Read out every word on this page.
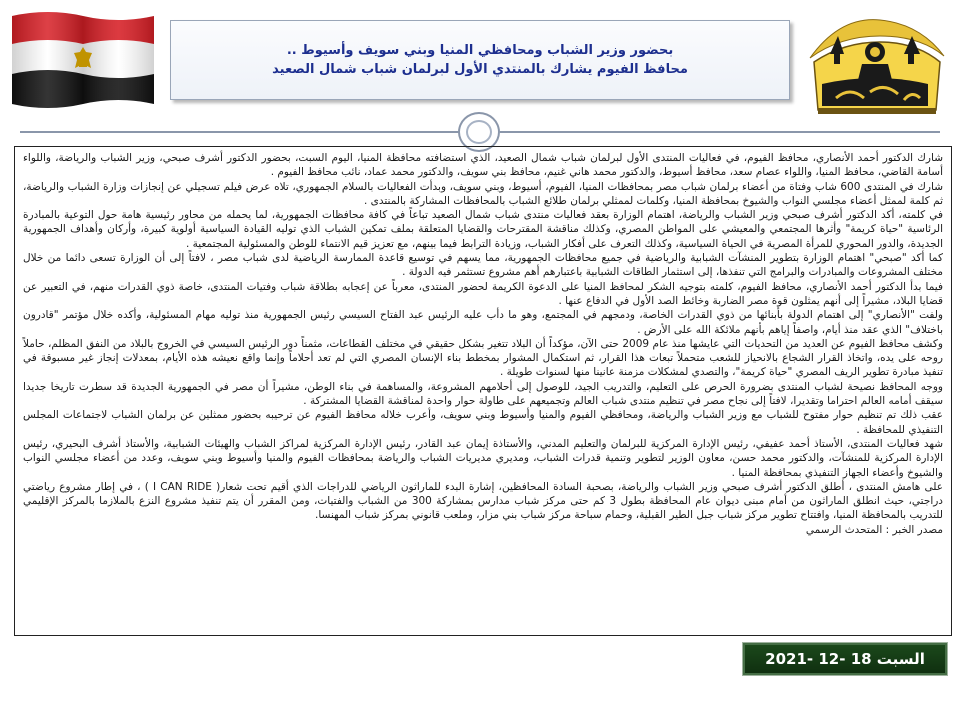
بحضور وزير الشباب ومحافظي المنيا وبني سويف وأسيوط ..
محافظ الفيوم يشارك بالمنتدي الأول لبرلمان شباب شمال الصعيد

شارك الدكتور أحمد الأنصاري، محافظ الفيوم، في فعاليات المنتدى الأول لبرلمان شباب شمال الصعيد، الذي استضافته محافظة المنيا، اليوم السبت، بحضور الدكتور أشرف صبحي، وزير الشباب والرياضة، واللواء أسامة القاضي، محافظ المنيا، واللواء عصام سعد، محافظ أسيوط، والدكتور محمد هاني غنيم، محافظ بني سويف، والدكتور محمد عماد، نائب محافظ الفيوم .

شارك في المنتدى 600 شاب وفتاة من أعضاء برلمان شباب مصر بمحافظات المنيا، الفيوم، أسيوط، وبني سويف، وبدأت الفعاليات بالسلام الجمهوري، تلاه عرض فيلم تسجيلي عن إنجازات وزارة الشباب والرياضة، ثم كلمة لممثل أعضاء مجلسي النواب والشيوخ بمحافظة المنيا، وكلمات لممثلي برلمان طلائع الشباب بالمحافظات المشاركة بالمنتدى .

في كلمته، أكد الدكتور أشرف صبحي وزير الشباب والرياضة، اهتمام الوزارة بعقد فعاليات منتدى شباب شمال الصعيد تباعاً في كافة محافظات الجمهورية، لما يحمله من محاور رئيسية هامة حول التوعية بالمبادرة الرئاسية "حياة كريمة" وأثرها المجتمعي والمعيشي على المواطن المصري، وكذلك مناقشة المقترحات والقضايا المتعلقة بملف تمكين الشباب الذي توليه القيادة السياسية أولوية كبيرة، وأركان وأهداف الجمهورية الجديدة، والدور المحوري للمرأة المصرية في الحياة السياسية، وكذلك التعرف على أفكار الشباب، وزيادة الترابط فيما بينهم، مع تعزيز قيم الانتماء للوطن والمسئولية المجتمعية .

كما أكد "صبحي" اهتمام الوزارة بتطوير المنشآت الشبابية والرياضية في جميع محافظات الجمهورية، مما يسهم في توسيع قاعدة الممارسة الرياضية لدى شباب مصر ، لافتاً إلى أن الوزارة تسعى دائما من خلال مختلف المشروعات والمبادرات والبرامج التي تنفذها، إلى استثمار الطاقات الشبابية باعتبارهم أهم مشروع تستثمر فيه الدولة .

فيما بدأ الدكتور أحمد الأنصاري، محافظ الفيوم، كلمته بتوجيه الشكر لمحافظ المنيا على الدعوة الكريمة لحضور المنتدى، معرباً عن إعجابه بطلاقة شباب وفتيات المنتدى، خاصة ذوي القدرات منهم، في التعبير عن قضايا البلاد، مشيراً إلى أنهم يمثلون قوة مصر الضاربة وخائط الصد الأول في الدفاع عنها .

ولفت "الأنصاري" إلى اهتمام الدولة بأبنائها من ذوي القدرات الخاصة، ودمجهم في المجتمع، وهو ما دأب عليه الرئيس عبد الفتاح السيسي رئيس الجمهورية منذ توليه مهام المسئولية، وأكده خلال مؤتمر "قادرون باختلاف" الذي عقد منذ أيام، واصفاً إياهم بأنهم ملائكة الله على الأرض .

وكشف محافظ الفيوم عن العديد من التحديات التي عايشها منذ عام 2009 حتى الآن، مؤكداً أن البلاد تتغير بشكل حقيقي في مختلف القطاعات، مثمناً دور الرئيس السيسي في الخروج بالبلاد من النفق المظلم، حاملاً روحه على يده، واتخاذ القرار الشجاع بالانحياز للشعب متحملاً تبعات هذا القرار، ثم استكمال المشوار بمخطط بناء الإنسان المصري التي لم تعد أحلاماً وإنما واقع نعيشه هذه الأيام، بمعدلات إنجاز غير مسبوقة في تنفيذ مبادرة تطوير الريف المصري "حياة كريمة"، والتصدي لمشكلات مزمنة عانينا منها لسنوات طويلة .

ووجه المحافظ نصيحة لشباب المنتدى بضرورة الحرص على التعليم، والتدريب الجيد، للوصول إلى أحلامهم المشروعة، والمساهمة في بناء الوطن، مشيراً أن مصر في الجمهورية الجديدة قد سطرت تاريخا جديدا سيقف أمامه العالم احتراما وتقديرا، لافتاً إلى نجاح مصر في تنظيم منتدى شباب العالم وتجميعهم على طاولة حوار واحدة لمناقشة القضايا المشتركة .

عقب ذلك تم تنظيم حوار مفتوح للشباب مع وزير الشباب والرياضة، ومحافظي الفيوم والمنيا وأسيوط وبني سويف، وأعرب خلاله محافظ الفيوم عن ترحيبه بحضور ممثلين عن برلمان الشباب لاجتماعات المجلس التنفيذي للمحافظة .

شهد فعاليات المنتدى، الأستاذ أحمد عفيفي، رئيس الإدارة المركزية للبرلمان والتعليم المدني، والأستاذة إيمان عبد القادر، رئيس الإدارة المركزية لمراكز الشباب والهيئات الشبابية، والأستاذ أشرف البحيري، رئيس الإدارة المركزية للمنشآت، والدكتور محمد حسن، معاون الوزير لتطوير وتنمية قدرات الشباب، ومديري مديريات الشباب والرياضة بمحافظات الفيوم والمنيا وأسيوط وبني سويف، وعدد من أعضاء مجلسي النواب والشيوخ وأعضاء الجهاز التنفيذي بمحافظة المنيا .

على هامش المنتدى ، أطلق الدكتور أشرف صبحي وزير الشباب والرياضة، بصحبة السادة المحافظين، إشارة البدء للماراثون الرياضي للدراجات الذي أقيم تحت شعار( I CAN RIDE ) ، في إطار مشروع رياضتي دراجتي، حيث انطلق الماراثون من أمام مبنى ديوان عام المحافظة بطول 3 كم حتى مركز شباب مدارس بمشاركة 300 من الشباب والفتيات، ومن المقرر أن يتم تنفيذ مشروع النزع بالملازما بالمركز الإقليمي للتدريب بالمحافظة المنيا، وافتتاح تطوير مركز شباب جبل الطير القبلية، وحمام سباحة مركز شباب بني مزار، وملعب قانوني بمركز شباب المهنسا.

مصدر الخبر : المتحدث الرسمي

السبت 18 -12 -2021
